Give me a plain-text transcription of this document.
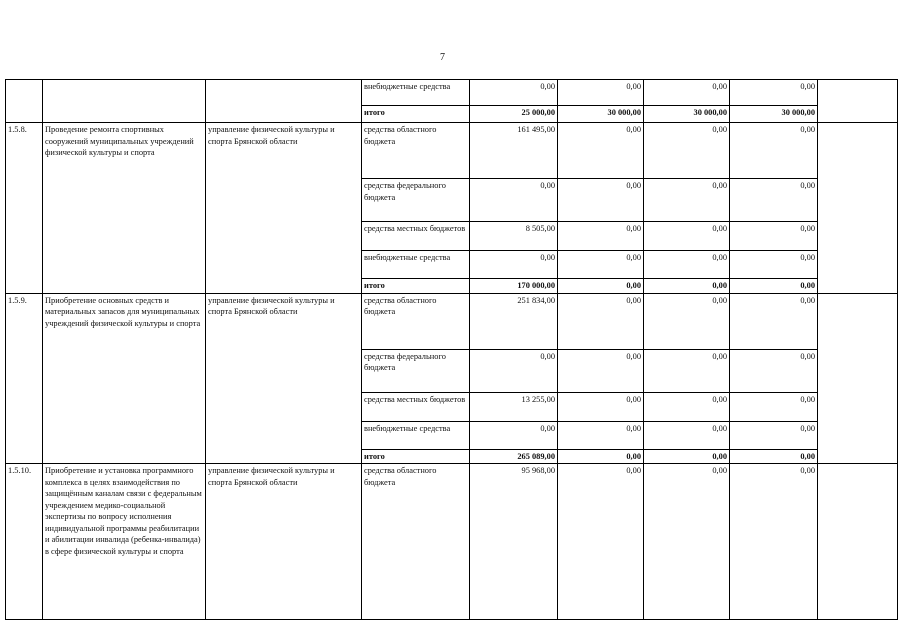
7
			внебюджетные средства	0,00	0,00	0,00	0,00	
			итого	25 000,00	30 000,00	30 000,00	30 000,00	
1.5.8.	Проведение ремонта спортивных сооружений муниципальных учреждений физической культуры и спорта	управление физической культуры и спорта Брянской области	средства областного бюджета	161 495,00	0,00	0,00	0,00	
			средства федерального бюджета	0,00	0,00	0,00	0,00	
			средства местных бюджетов	8 505,00	0,00	0,00	0,00	
			внебюджетные средства	0,00	0,00	0,00	0,00	
			итого	170 000,00	0,00	0,00	0,00	
1.5.9.	Приобретение основных средств и материальных запасов для муниципальных учреждений физической культуры и спорта	управление физической культуры и спорта Брянской области	средства областного бюджета	251 834,00	0,00	0,00	0,00	
			средства федерального бюджета	0,00	0,00	0,00	0,00	
			средства местных бюджетов	13 255,00	0,00	0,00	0,00	
			внебюджетные средства	0,00	0,00	0,00	0,00	
			итого	265 089,00	0,00	0,00	0,00	
1.5.10.	Приобретение и установка программного комплекса в целях взаимодействия по защищённым каналам связи с федеральным учреждением медико-социальной экспертизы по вопросу исполнения индивидуальной программы реабилитации и абилитации инвалида (ребенка-инвалида) в сфере физической культуры и спорта	управление физической культуры и спорта Брянской области	средства областного бюджета	95 968,00	0,00	0,00	0,00	
